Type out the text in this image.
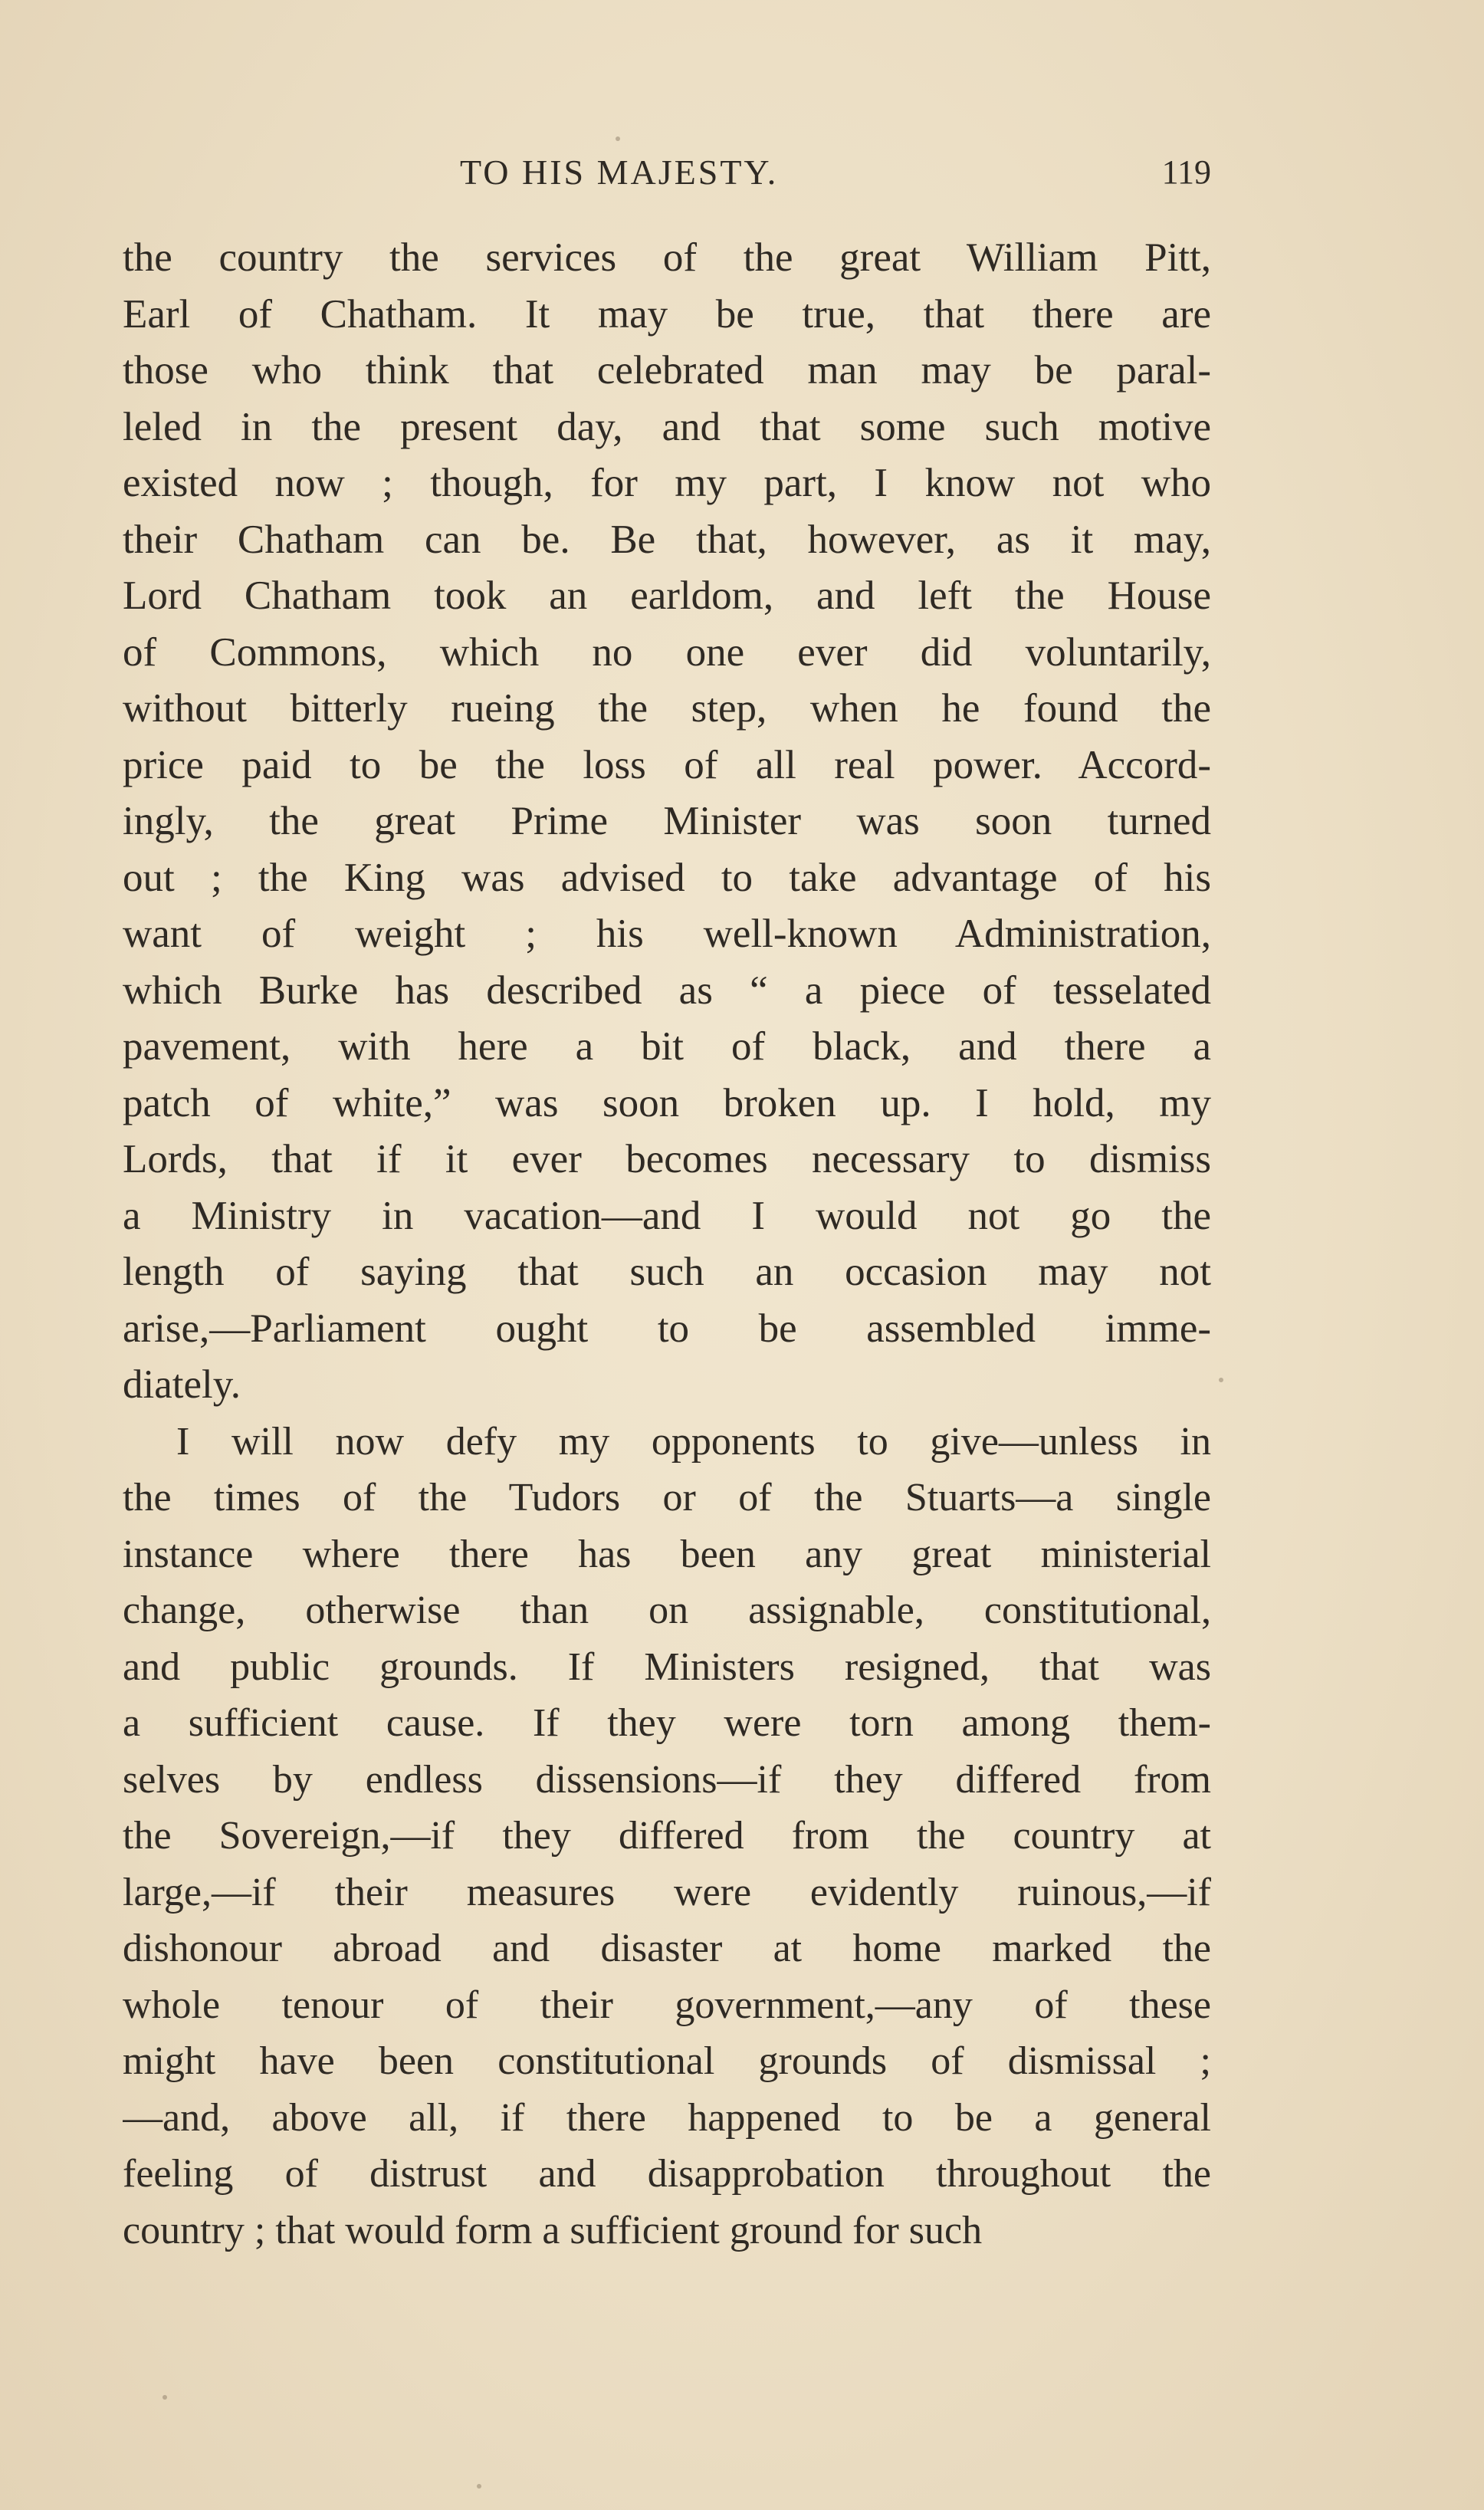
TO HIS MAJESTY.	119
the country the services of the great William Pitt,
Earl of Chatham. It may be true, that there are
those who think that celebrated man may be paral-
leled in the present day, and that some such motive
existed now ; though, for my part, I know not who
their Chatham can be. Be that, however, as it may,
Lord Chatham took an earldom, and left the House
of Commons, which no one ever did voluntarily,
without bitterly rueing the step, when he found the
price paid to be the loss of all real power. Accord-
ingly, the great Prime Minister was soon turned
out ; the King was advised to take advantage of his
want of weight ; his well-known Administration,
which Burke has described as “ a piece of tesselated
pavement, with here a bit of black, and there a
patch of white,” was soon broken up. I hold, my
Lords, that if it ever becomes necessary to dismiss
a Ministry in vacation—and I would not go the
length of saying that such an occasion may not
arise,—Parliament ought to be assembled imme-
diately.
I will now defy my opponents to give—unless in
the times of the Tudors or of the Stuarts—a single
instance where there has been any great ministerial
change, otherwise than on assignable, constitutional,
and public grounds. If Ministers resigned, that was
a sufficient cause. If they were torn among them-
selves by endless dissensions—if they differed from
the Sovereign,—if they differed from the country at
large,—if their measures were evidently ruinous,—if
dishonour abroad and disaster at home marked the
whole tenour of their government,—any of these
might have been constitutional grounds of dismissal ;
—and, above all, if there happened to be a general
feeling of distrust and disapprobation throughout the
country ; that would form a sufficient ground for such
